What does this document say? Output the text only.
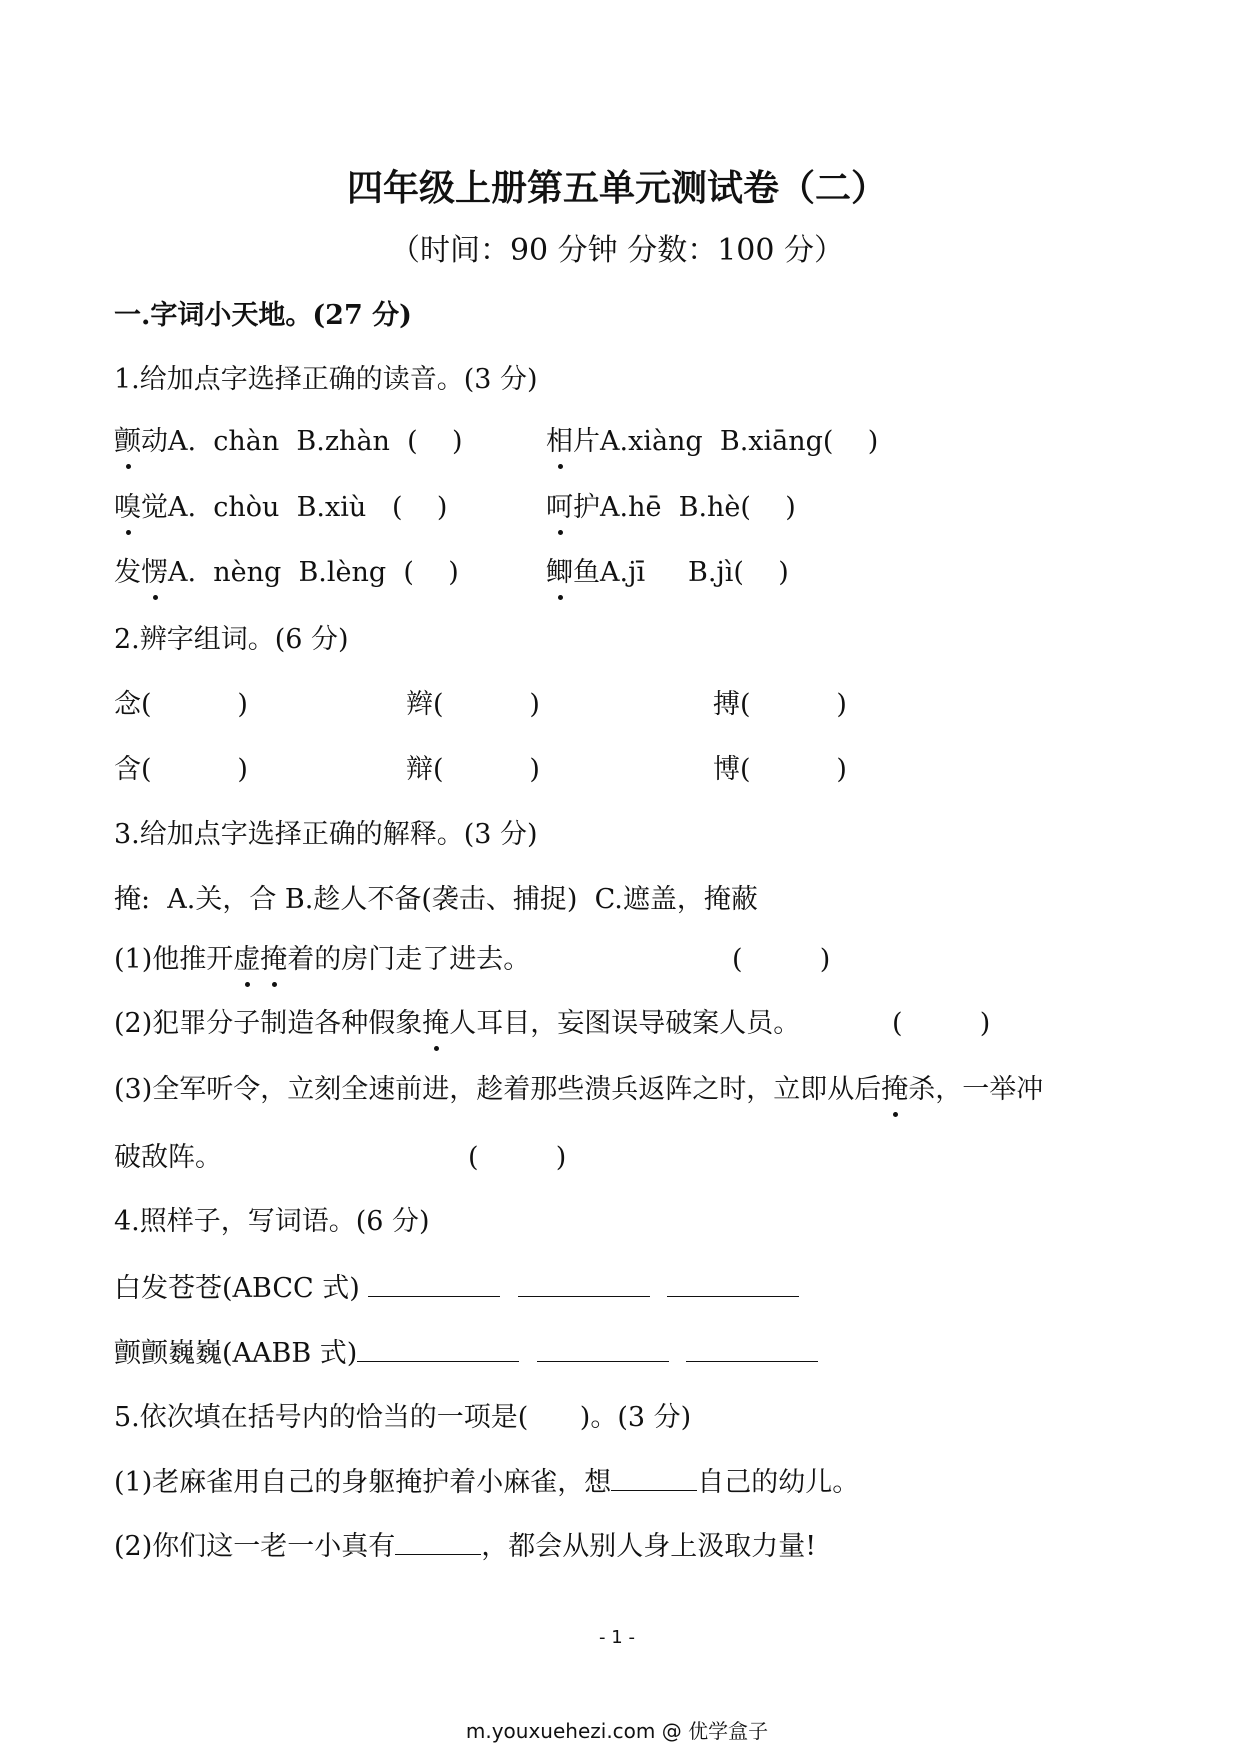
四年级上册第五单元测试卷（二）
（时间：90 分钟 分数：100 分）
一.字词小天地。(27 分)
1.给加点字选择正确的读音。(3 分)
颤动A.  chàn  B.zhàn  (    )	相片A.xiàng  B.xiāng(    )
嗅觉A.  chòu  B.xiù   (    )	呵护A.hē  B.hè(    )
发愣A.  nèng  B.lèng  (    )	鲫鱼A.jī     B.jì(    )
2.辨字组词。(6 分)
念(          )	辫(          )	搏(          )
含(          )	辩(          )	博(          )
3.给加点字选择正确的解释。(3 分)
掩:  A.关，合 B.趁人不备(袭击、捕捉)  C.遮盖，掩蔽
(1)他推开虚掩着的房门走了进去。	(         )
(2)犯罪分子制造各种假象掩人耳目，妄图误导破案人员。	(         )
(3)全军听令，立刻全速前进，趁着那些溃兵返阵之时，立即从后掩杀，一举冲
破敌阵。	(         )
4.照样子，写词语。(6 分)
白发苍苍(ABCC 式)
颤颤巍巍(AABB 式)
5.依次填在括号内的恰当的一项是(      )。(3 分)
(1)老麻雀用自己的身躯掩护着小麻雀，想	自己的幼儿。
(2)你们这一老一小真有	，都会从别人身上汲取力量!
- 1 -
m.youxuehezi.com @ 优学盒子
